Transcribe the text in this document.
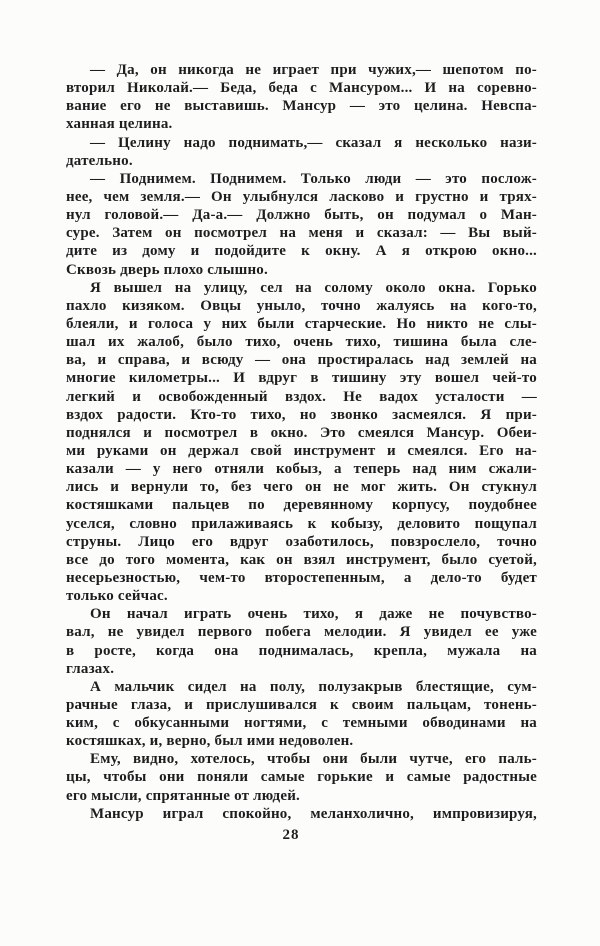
— Да, он никогда не играет при чужих,— шепотом по-
вторил Николай.— Беда, беда с Мансуром... И на соревно-
вание его не выставишь. Мансур — это целина. Невспа-
ханная целина.
— Целину надо поднимать,— сказал я несколько нази-
дательно.
— Поднимем. Поднимем. Только люди — это послож-
нее, чем земля.— Он улыбнулся ласково и грустно и трях-
нул головой.— Да-а.— Должно быть, он подумал о Ман-
суре. Затем он посмотрел на меня и сказал: — Вы вый-
дите из дому и подойдите к окну. А я открою окно...
Сквозь дверь плохо слышно.
Я вышел на улицу, сел на солому около окна. Горько
пахло кизяком. Овцы уныло, точно жалуясь на кого-то,
блеяли, и голоса у них были старческие. Но никто не слы-
шал их жалоб, было тихо, очень тихо, тишина была сле-
ва, и справа, и всюду — она простиралась над землей на
многие километры... И вдруг в тишину эту вошел чей-то
легкий и освобожденный вздох. Не вадох усталости —
вздох радости. Кто-то тихо, но звонко засмеялся. Я при-
поднялся и посмотрел в окно. Это смеялся Мансур. Обеи-
ми руками он держал свой инструмент и смеялся. Его на-
казали — у него отняли кобыз, а теперь над ним сжали-
лись и вернули то, без чего он не мог жить. Он стукнул
костяшками пальцев по деревянному корпусу, поудобнее
уселся, словно прилаживаясь к кобызу, деловито пощупал
струны. Лицо его вдруг озаботилось, повзрослело, точно
все до того момента, как он взял инструмент, было суетой,
несерьезностью, чем-то второстепенным, а дело-то будет
только сейчас.
Он начал играть очень тихо, я даже не почувство-
вал, не увидел первого побега мелодии. Я увидел ее уже
в росте, когда она поднималась, крепла, мужала на
глазах.
А мальчик сидел на полу, полузакрыв блестящие, сум-
рачные глаза, и прислушивался к своим пальцам, тонень-
ким, с обкусанными ногтями, с темными обводинами на
костяшках, и, верно, был ими недоволен.
Ему, видно, хотелось, чтобы они были чутче, его паль-
цы, чтобы они поняли самые горькие и самые радостные
его мысли, спрятанные от людей.
Мансур играл спокойно, меланхолично, импровизируя,
28
